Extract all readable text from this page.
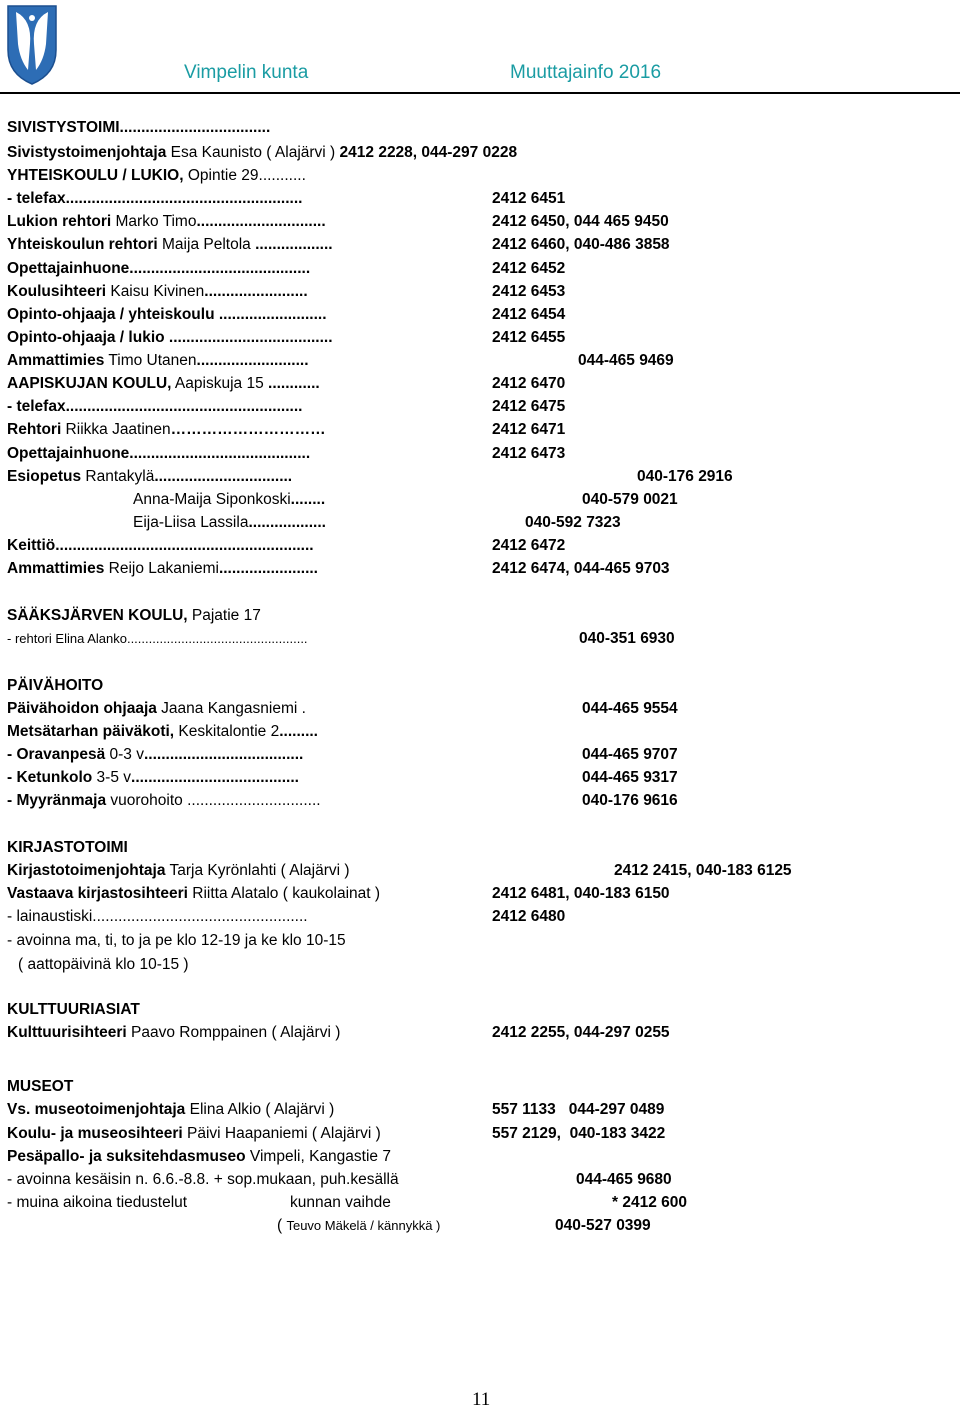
Vimpelin kunta	Muuttajainfo 2016
SIVISTYSTOIMI...................................
Sivistystoimenjohtaja Esa Kaunisto ( Alajärvi ) 2412 2228, 044-297 0228
YHTEISKOULU / LUKIO, Opintie 29...........
- telefax.......................................................	2412 6451
Lukion rehtori Marko Timo..............................	2412 6450, 044 465 9450
Yhteiskoulun rehtori Maija Peltola ..................	2412 6460, 040-486 3858
Opettajainhuone..........................................	2412 6452
Koulusihteeri Kaisu Kivinen........................	2412 6453
Opinto-ohjaaja / yhteiskoulu .........................	2412 6454
Opinto-ohjaaja / lukio ......................................	2412 6455
Ammattimies Timo Utanen..........................	044-465 9469
AAPISKUJAN KOULU, Aapiskuja 15 ............	2412 6470
- telefax.......................................................	2412 6475
Rehtori Riikka Jaatinen…………………………	2412 6471
Opettajainhuone..........................................	2412 6473
Esiopetus Rantakylä................................	040-176 2916
Anna-Maija Siponkoski........	040-579 0021
Eija-Liisa Lassila..................	040-592 7323
Keittiö............................................................	2412 6472
Ammattimies Reijo Lakaniemi.......................	2412 6474, 044-465 9703
SÄÄKSJÄRVEN KOULU, Pajatie 17
- rehtori Elina Alanko..................................................	040-351 6930
PÄIVÄHOITO
Päivähoidon ohjaaja Jaana Kangasniemi .	044-465 9554
Metsätarhan päiväkoti, Keskitalontie 2.........
- Oravanpesä 0-3 v.....................................	044-465 9707
- Ketunkolo 3-5 v.......................................	044-465 9317
- Myyränmaja vuorohoito ...............................	040-176 9616
KIRJASTOTOIMI
Kirjastotoimenjohtaja Tarja Kyrönlahti ( Alajärvi )	2412 2415, 040-183 6125
Vastaava kirjastosihteeri Riitta Alatalo ( kaukolainat )	2412 6481, 040-183 6150
- lainaustiski..................................................	2412 6480
- avoinna ma, ti, to ja pe klo 12-19 ja ke klo 10-15
( aattopäivinä klo 10-15 )
KULTTUURIASIAT
Kulttuurisihteeri Paavo Romppainen ( Alajärvi )	2412 2255, 044-297 0255
MUSEOT
Vs. museotoimenjohtaja Elina Alkio ( Alajärvi )	557 1133   044-297 0489
Koulu- ja museosihteeri Päivi Haapaniemi ( Alajärvi )	557 2129,  040-183 3422
Pesäpallo- ja suksitehdasmuseo Vimpeli, Kangastie 7
- avoinna kesäisin n. 6.6.-8.8. + sop.mukaan, puh.kesällä	044-465 9680
- muina aikoina tiedustelut	kunnan vaihde	* 2412 600
( Teuvo Mäkelä / kännykkä )	040-527 0399
11
